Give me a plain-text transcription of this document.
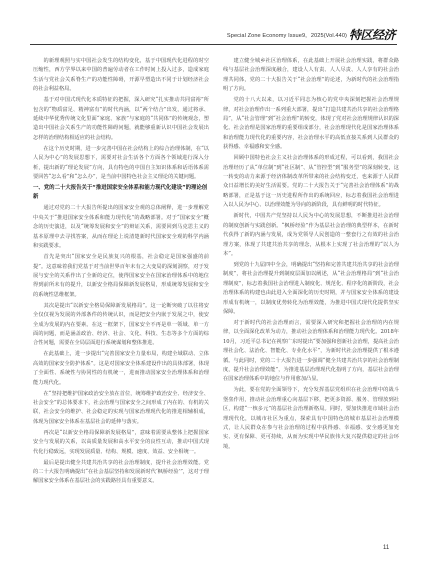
Special Zone Economy Issue9，2025(Vol.440) 特区经济

的新理观照与实中国社会发生的结构变化，基于中国现代化进程的时空压缩性，西方学界以来中国的普遍劳动者在工作时间上投入过多，造成家庭生活与党社会关系脊生产的功能性障碍，开源早塑造出不同于计划经济社会的社会利益格局。

基于对中国式现代化本质特征的把握，深入研究“扎实推动共同富裕”所包含的“物质富足、精神富有”的时代内涵，以“两个结合”出发，通过将承、延续中华优秀传统文化里面“家庭、家族”与家庭的“共同体”的传统观念，塑造出中国社会关系生产的功能性障碍问题，就能够重新认识中国社会发展出怎样的治理结构相适应的社会结构。

在这个历史时期，进一步完善中国在社会结构上的综合治理体制，在“以人民为中心”的发展思想下，需要对社会生活各个方面各个领域进行深入分析，提出新的“理论发展”方向，具有特色的中国自主知识体系和话语体系需要回答“怎么看”和“怎么办”，是当前中国特色社会主义理论的关键问题。

一、党的二十大报告关于“推进国家安全体系和能力现代化建设”的理论创新

通过对党的二十大报告所提出的国家安全观的总体阐释，进一步理解党中央关于“推进国家安全体系和能力现代化”的战略部署。对于“国家安全”概念的历史演进，以及“统筹发展和安全”的辩证关系，需要回到马克思主义的基本原理中去寻找答案，从而在理论上说清楚新时代国家安全观的科学内涵和实践要求。

首先是突出“国家安全是民族复兴的根基，社会稳定是国家强盛的前提”。这意味着我们党基于对当前世界百年未有之大变局的深刻洞察，对于发展与安全的关系作出了全新的定位，使得国家安全在国家治理体系中的地位得到前所未有的提升，以新安全格局保障新发展格局，形成统筹发展和安全的系统性思维框架。

其次是提出“以新安全格局保障新发展格局”。这一论断突破了以往将安全仅仅视为发展的外部条件的传统认识，而是把安全内嵌于发展之中，使安全成为发展的内在要素。在这一框架下，国家安全不再是单一领域、单一方面的问题，而是涵盖政治、经济、社会、文化、科技、生态等多个方面的综合性问题，需要在全局层面进行系统谋划和整体推进。

在此基础上，进一步提出“完善国家安全力量布局，构建全域联动、立体高效的国家安全防护体系”。这是对国家安全体系建设作出的具体部署，体现了全面性、系统性与协同性的有机统一，进而推动国家安全治理体系和治理能力现代化。

在“坚持把维护国家政治安全放在首位，统筹维护政治安全、经济安全、社会安全”的总体要求下，社会治理与国家安全之间形成了内在的、有机的关联，社会安全的维护、社会稳定的实现与国家治理现代化的推进相辅相成，体现为国家安全体系在基层社会的延伸与落实。

再次是“以新安全格局保障新发展格局”，意味着需要从整体上把握国家安全与发展的关系，以高质量发展和高水平安全的良性互动，推动中国式现代化行稳致远，实现发展质量、结构、规模、速度、效益、安全相统一。

最后是提出健全共建共治共享的社会治理制度，提升社会治理效能。党的二十大报告明确提出“在社会基层坚持和发展新时代‘枫桥经验’”，这对于理解国家安全体系在基层社会的实践路径具有重要意义。

建立健全城乡社区治理体系，在此基础上开展社会治理实践，将群众路线与基层社会治理深度融合，建设人人有责、人人尽责、人人享有的社会治理共同体，党的二十大报告关于“社会治理”的论述，为新时代的社会治理指明了方向。

党的十八大以来，以习近平同志为核心的党中央深刻把握社会治理规律，对社会治理作出一系列重大部署，提出“打造共建共治共享的社会治理格局”，从“社会管理”到“社会治理”的转变，体现了党对社会治理规律认识的深化。社会治理是国家治理的重要组成部分，社会治理现代化是国家治理体系和治理能力现代化的重要内容，社会治理水平的高低直接关系到人民群众的获得感、幸福感和安全感。

回顾中国特色社会主义社会治理体系的形成过程，可以看到，我国社会治理经历了从“单位制”到“社区制”、从“管控型”到“服务型”的深刻转变，这一转变的动力来源于经济体制改革所带来的社会结构变迁，也来源于人民群众日益增长的美好生活需要。党的二十大报告关于“完善社会治理体系”的战略部署，正是基于这一历史进程所作出的系统回应，标志着我国社会治理进入以人民为中心、以治理效能为导向的新阶段，具有鲜明的时代特征。

新时代，中国共产党坚持以人民为中心的发展思想，不断推进社会治理的制度创新与实践创新。“枫桥经验”作为基层社会治理的典型样本，在新时代获得了新的内涵与发展，成为党领导人民创造的一整套行之有效的社会治理方案，体现了共建共治共享的理念，从根本上实现了社会治理的“以人为本”。

到党的十九届四中全会，明确提出“坚持和完善共建共治共享的社会治理制度”，将社会治理提升到制度层面加以阐述，从“社会治理格局”到“社会治理制度”，标志着我国社会治理进入制度化、规范化、程序化的新阶段，社会治理体系的构建也由此进入全面深化的历史时期，并与国家安全体系的建设形成有机统一，以制度优势转化为治理效能，为推进中国式现代化提供坚实保障。

对于新时代的社会治理而言，需要深入研究和把握社会治理的内在规律，以全面深化改革为动力，推动社会治理体系和治理能力现代化。2018年10月，习近平总书记在视察广东时提出“要加强和创新社会治理，提高社会治理社会化、法治化、智能化、专业化水平”，为新时代社会治理提供了根本遵循。与此同时，党的二十大报告进一步强调“健全共建共治共享的社会治理制度，提升社会治理效能”，为推进基层治理现代化指明了方向，基层社会治理在国家治理体系中的地位与作用愈加凸显。

为此，要在党的全面领导下，充分发挥基层党组织在社会治理中的战斗堡垒作用，推动社会治理重心向基层下移，把更多资源、服务、管理放到社区，构建“一核多元”的基层社会治理新格局。同时，要加快推进市域社会治理现代化，以城市社区为重点，探索具有中国特色的城市基层社会治理模式，让人民群众在参与社会治理的过程中获得感、幸福感、安全感更加充实、更有保障、更可持续，从而为实现中华民族伟大复兴提供稳定的社会环境。

11
